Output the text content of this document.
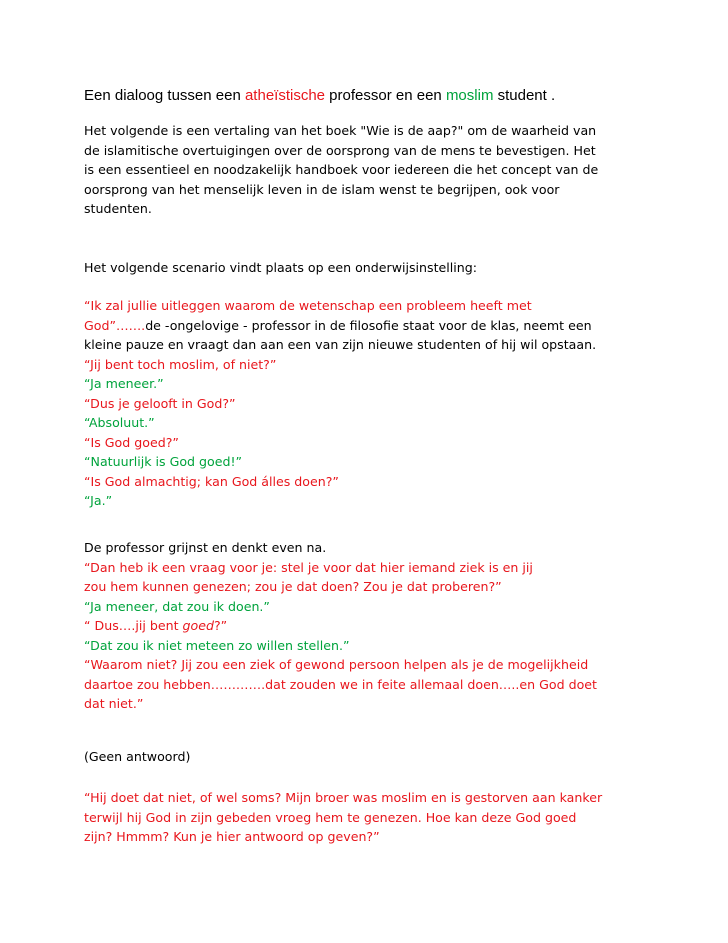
Een dialoog tussen een atheïstische professor en een moslim student .
Het volgende is een vertaling van het boek "Wie is de aap?" om de waarheid van
de islamitische overtuigingen over de oorsprong van de mens te bevestigen. Het
is een essentieel en noodzakelijk handboek voor iedereen die het concept van de
oorsprong van het menselijk leven in de islam wenst te begrijpen, ook voor
studenten.
Het volgende scenario vindt plaats op een onderwijsinstelling:
“Ik zal jullie uitleggen waarom de wetenschap een probleem heeft met
God”…….de -ongelovige - professor in de filosofie staat voor de klas, neemt een
kleine pauze en vraagt dan aan een van zijn nieuwe studenten of hij wil opstaan.
“Jij bent toch moslim, of niet?”
“Ja meneer.”
“Dus je gelooft in God?”
“Absoluut.”
“Is God goed?”
“Natuurlijk is God goed!”
“Is God almachtig; kan God álles doen?”
“Ja.”
De professor grijnst en denkt even na.
“Dan heb ik een vraag voor je: stel je voor dat hier iemand ziek is en jij
zou hem kunnen genezen; zou je dat doen? Zou je dat proberen?”
“Ja meneer, dat zou ik doen.”
“ Dus….jij bent goed?”
“Dat zou ik niet meteen zo willen stellen.”
“Waarom niet? Jij zou een ziek of gewond persoon helpen als je de mogelijkheid
daartoe zou hebben………….dat zouden we in feite allemaal doen…..en God doet
dat niet.”
(Geen antwoord)
“Hij doet dat niet, of wel soms? Mijn broer was moslim en is gestorven aan kanker
terwijl hij God in zijn gebeden vroeg hem te genezen. Hoe kan deze God goed
zijn? Hmmm? Kun je hier antwoord op geven?”
